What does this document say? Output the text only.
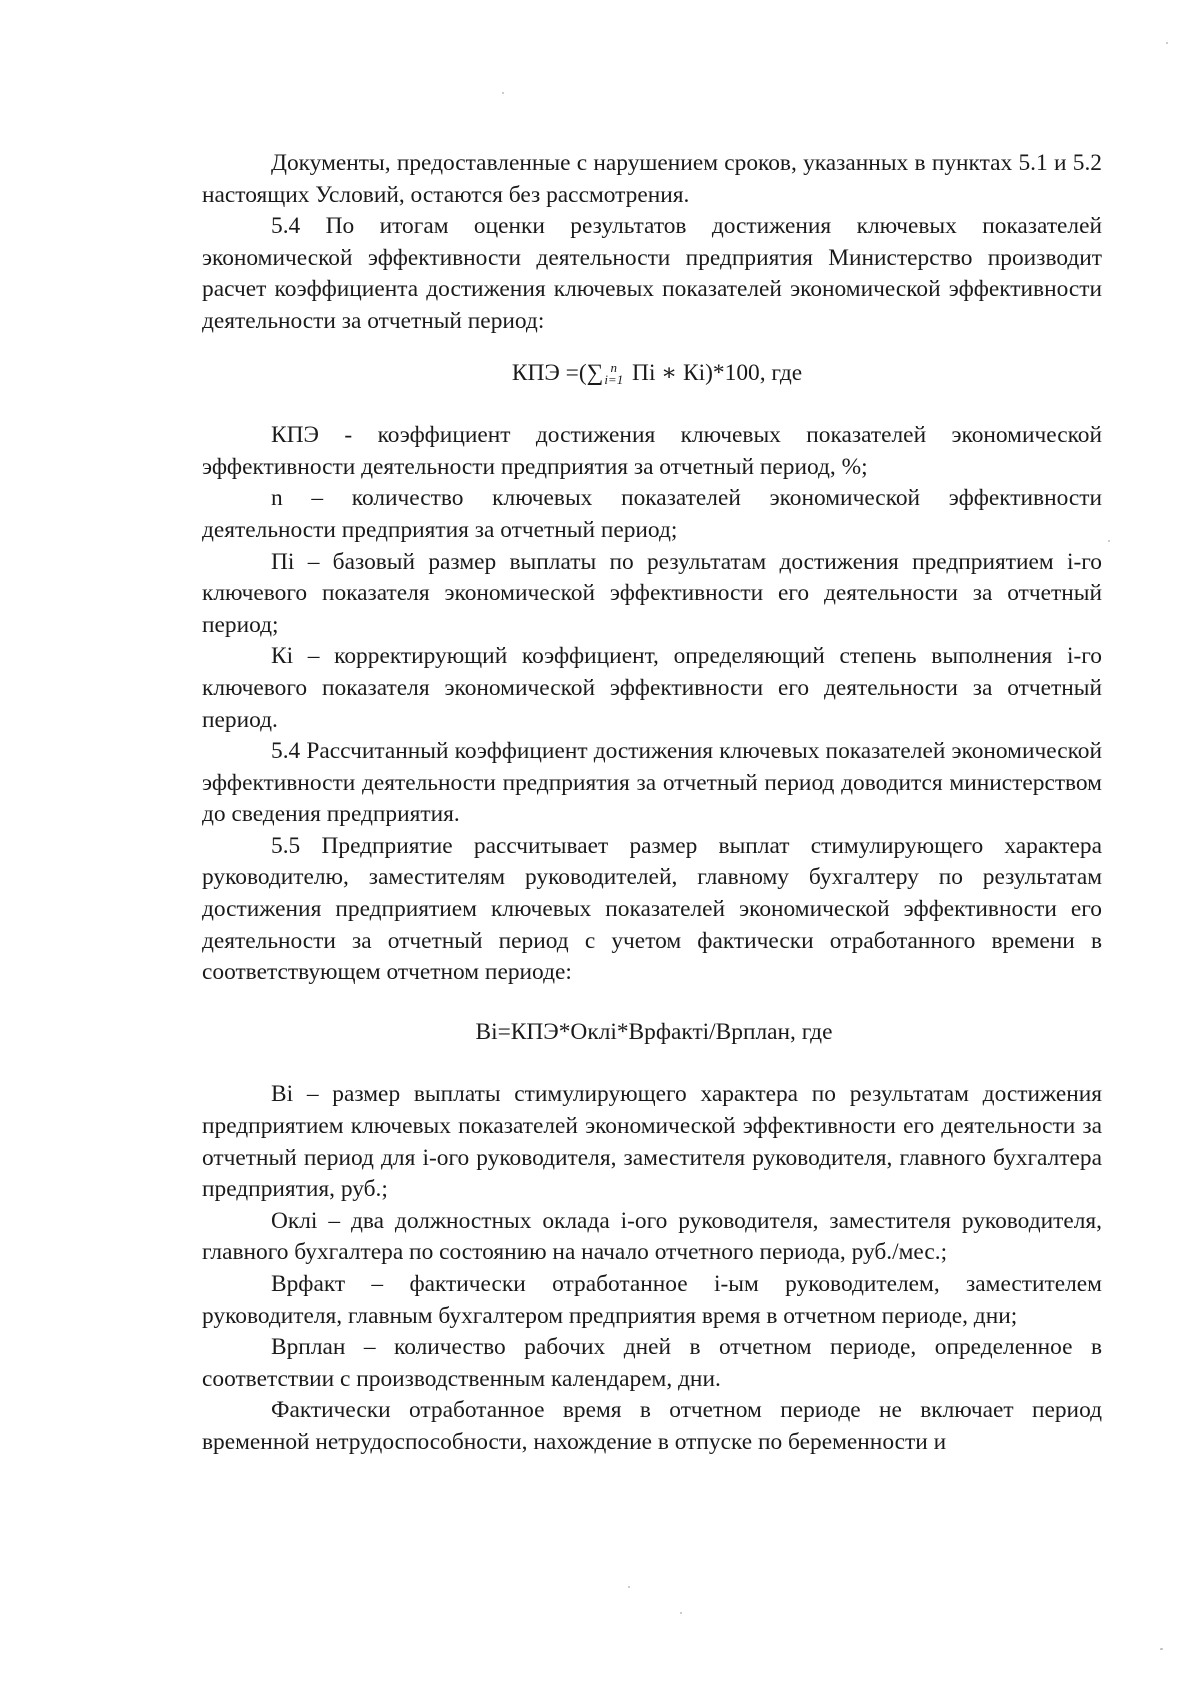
Документы, предоставленные с нарушением сроков, указанных в пунктах 5.1 и 5.2 настоящих Условий, остаются без рассмотрения.

5.4 По итогам оценки результатов достижения ключевых показателей экономической эффективности деятельности предприятия Министерство производит расчет коэффициента достижения ключевых показателей экономической эффективности деятельности за отчетный период:

КПЭ =(∑ n
i=1 Пi ∗ Кi)*100, где

КПЭ - коэффициент достижения ключевых показателей экономической эффективности деятельности предприятия за отчетный период, %;

n – количество ключевых показателей экономической эффективности деятельности предприятия за отчетный период;

Пi – базовый размер выплаты по результатам достижения предприятием i-го ключевого показателя экономической эффективности его деятельности за отчетный период;

Кi – корректирующий коэффициент, определяющий степень выполнения i-го ключевого показателя экономической эффективности его деятельности за отчетный период.

5.4 Рассчитанный коэффициент достижения ключевых показателей экономической эффективности деятельности предприятия за отчетный период доводится министерством до сведения предприятия.

5.5 Предприятие рассчитывает размер выплат стимулирующего характера руководителю, заместителям руководителей, главному бухгалтеру по результатам достижения предприятием ключевых показателей экономической эффективности его деятельности за отчетный период с учетом фактически отработанного времени в соответствующем отчетном периоде:

Вi=КПЭ*Оклi*Врфактi/Врплан, где

Вi – размер выплаты стимулирующего характера по результатам достижения предприятием ключевых показателей экономической эффективности его деятельности за отчетный период для i-ого руководителя, заместителя руководителя, главного бухгалтера предприятия, руб.;

Оклi – два должностных оклада i-ого руководителя, заместителя руководителя, главного бухгалтера по состоянию на начало отчетного периода, руб./мес.;

Врфакт – фактически отработанное i-ым руководителем, заместителем руководителя, главным бухгалтером предприятия время в отчетном периоде, дни;

Врплан – количество рабочих дней в отчетном периоде, определенное в соответствии с производственным календарем, дни.

Фактически отработанное время в отчетном периоде не включает период временной нетрудоспособности, нахождение в отпуске по беременности и
